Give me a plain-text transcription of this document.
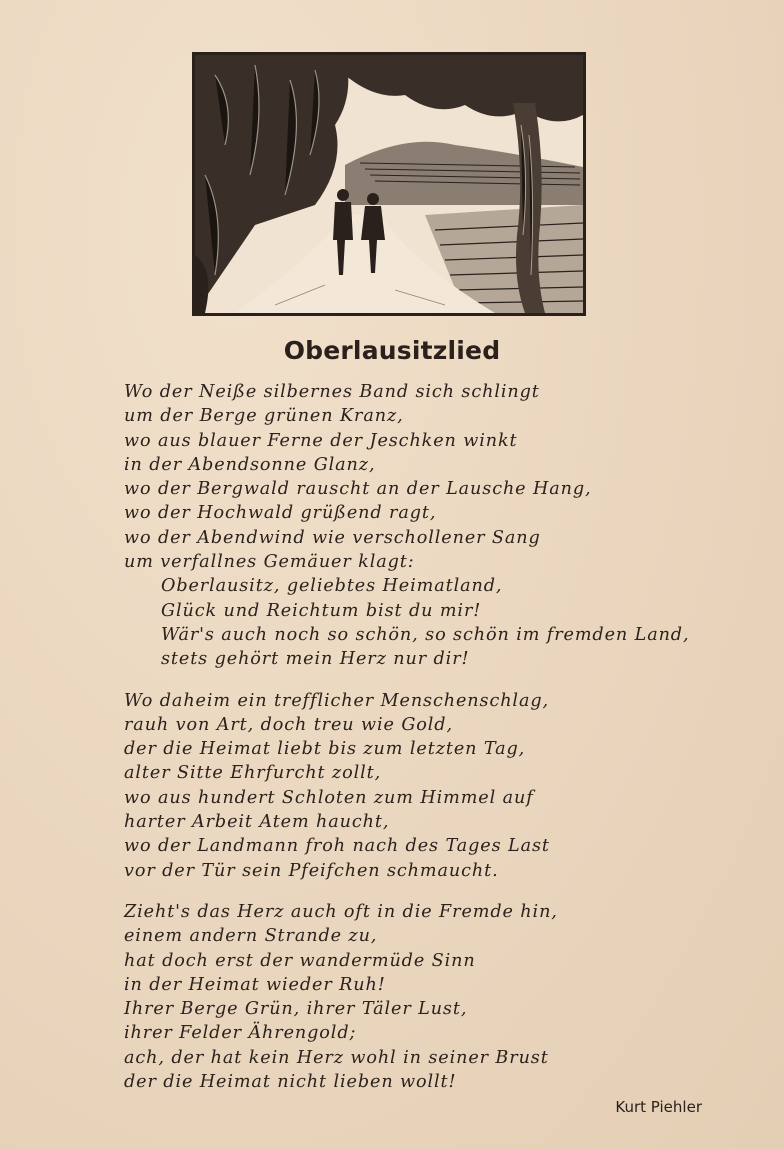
Oberlausitzlied
Wo der Neiße silbernes Band sich schlingt
um der Berge grünen Kranz,
wo aus blauer Ferne der Jeschken winkt
in der Abendsonne Glanz,
wo der Bergwald rauscht an der Lausche Hang,
wo der Hochwald grüßend ragt,
wo der Abendwind wie verschollener Sang
um verfallnes Gemäuer klagt:
Oberlausitz, geliebtes Heimatland,
Glück und Reichtum bist du mir!
Wär's auch noch so schön, so schön im fremden Land,
stets gehört mein Herz nur dir!
Wo daheim ein trefflicher Menschenschlag,
rauh von Art, doch treu wie Gold,
der die Heimat liebt bis zum letzten Tag,
alter Sitte Ehrfurcht zollt,
wo aus hundert Schloten zum Himmel auf
harter Arbeit Atem haucht,
wo der Landmann froh nach des Tages Last
vor der Tür sein Pfeifchen schmaucht.
Zieht's das Herz auch oft in die Fremde hin,
einem andern Strande zu,
hat doch erst der wandermüde Sinn
in der Heimat wieder Ruh!
Ihrer Berge Grün, ihrer Täler Lust,
ihrer Felder Ährengold;
ach, der hat kein Herz wohl in seiner Brust
der die Heimat nicht lieben wollt!
Kurt Piehler
